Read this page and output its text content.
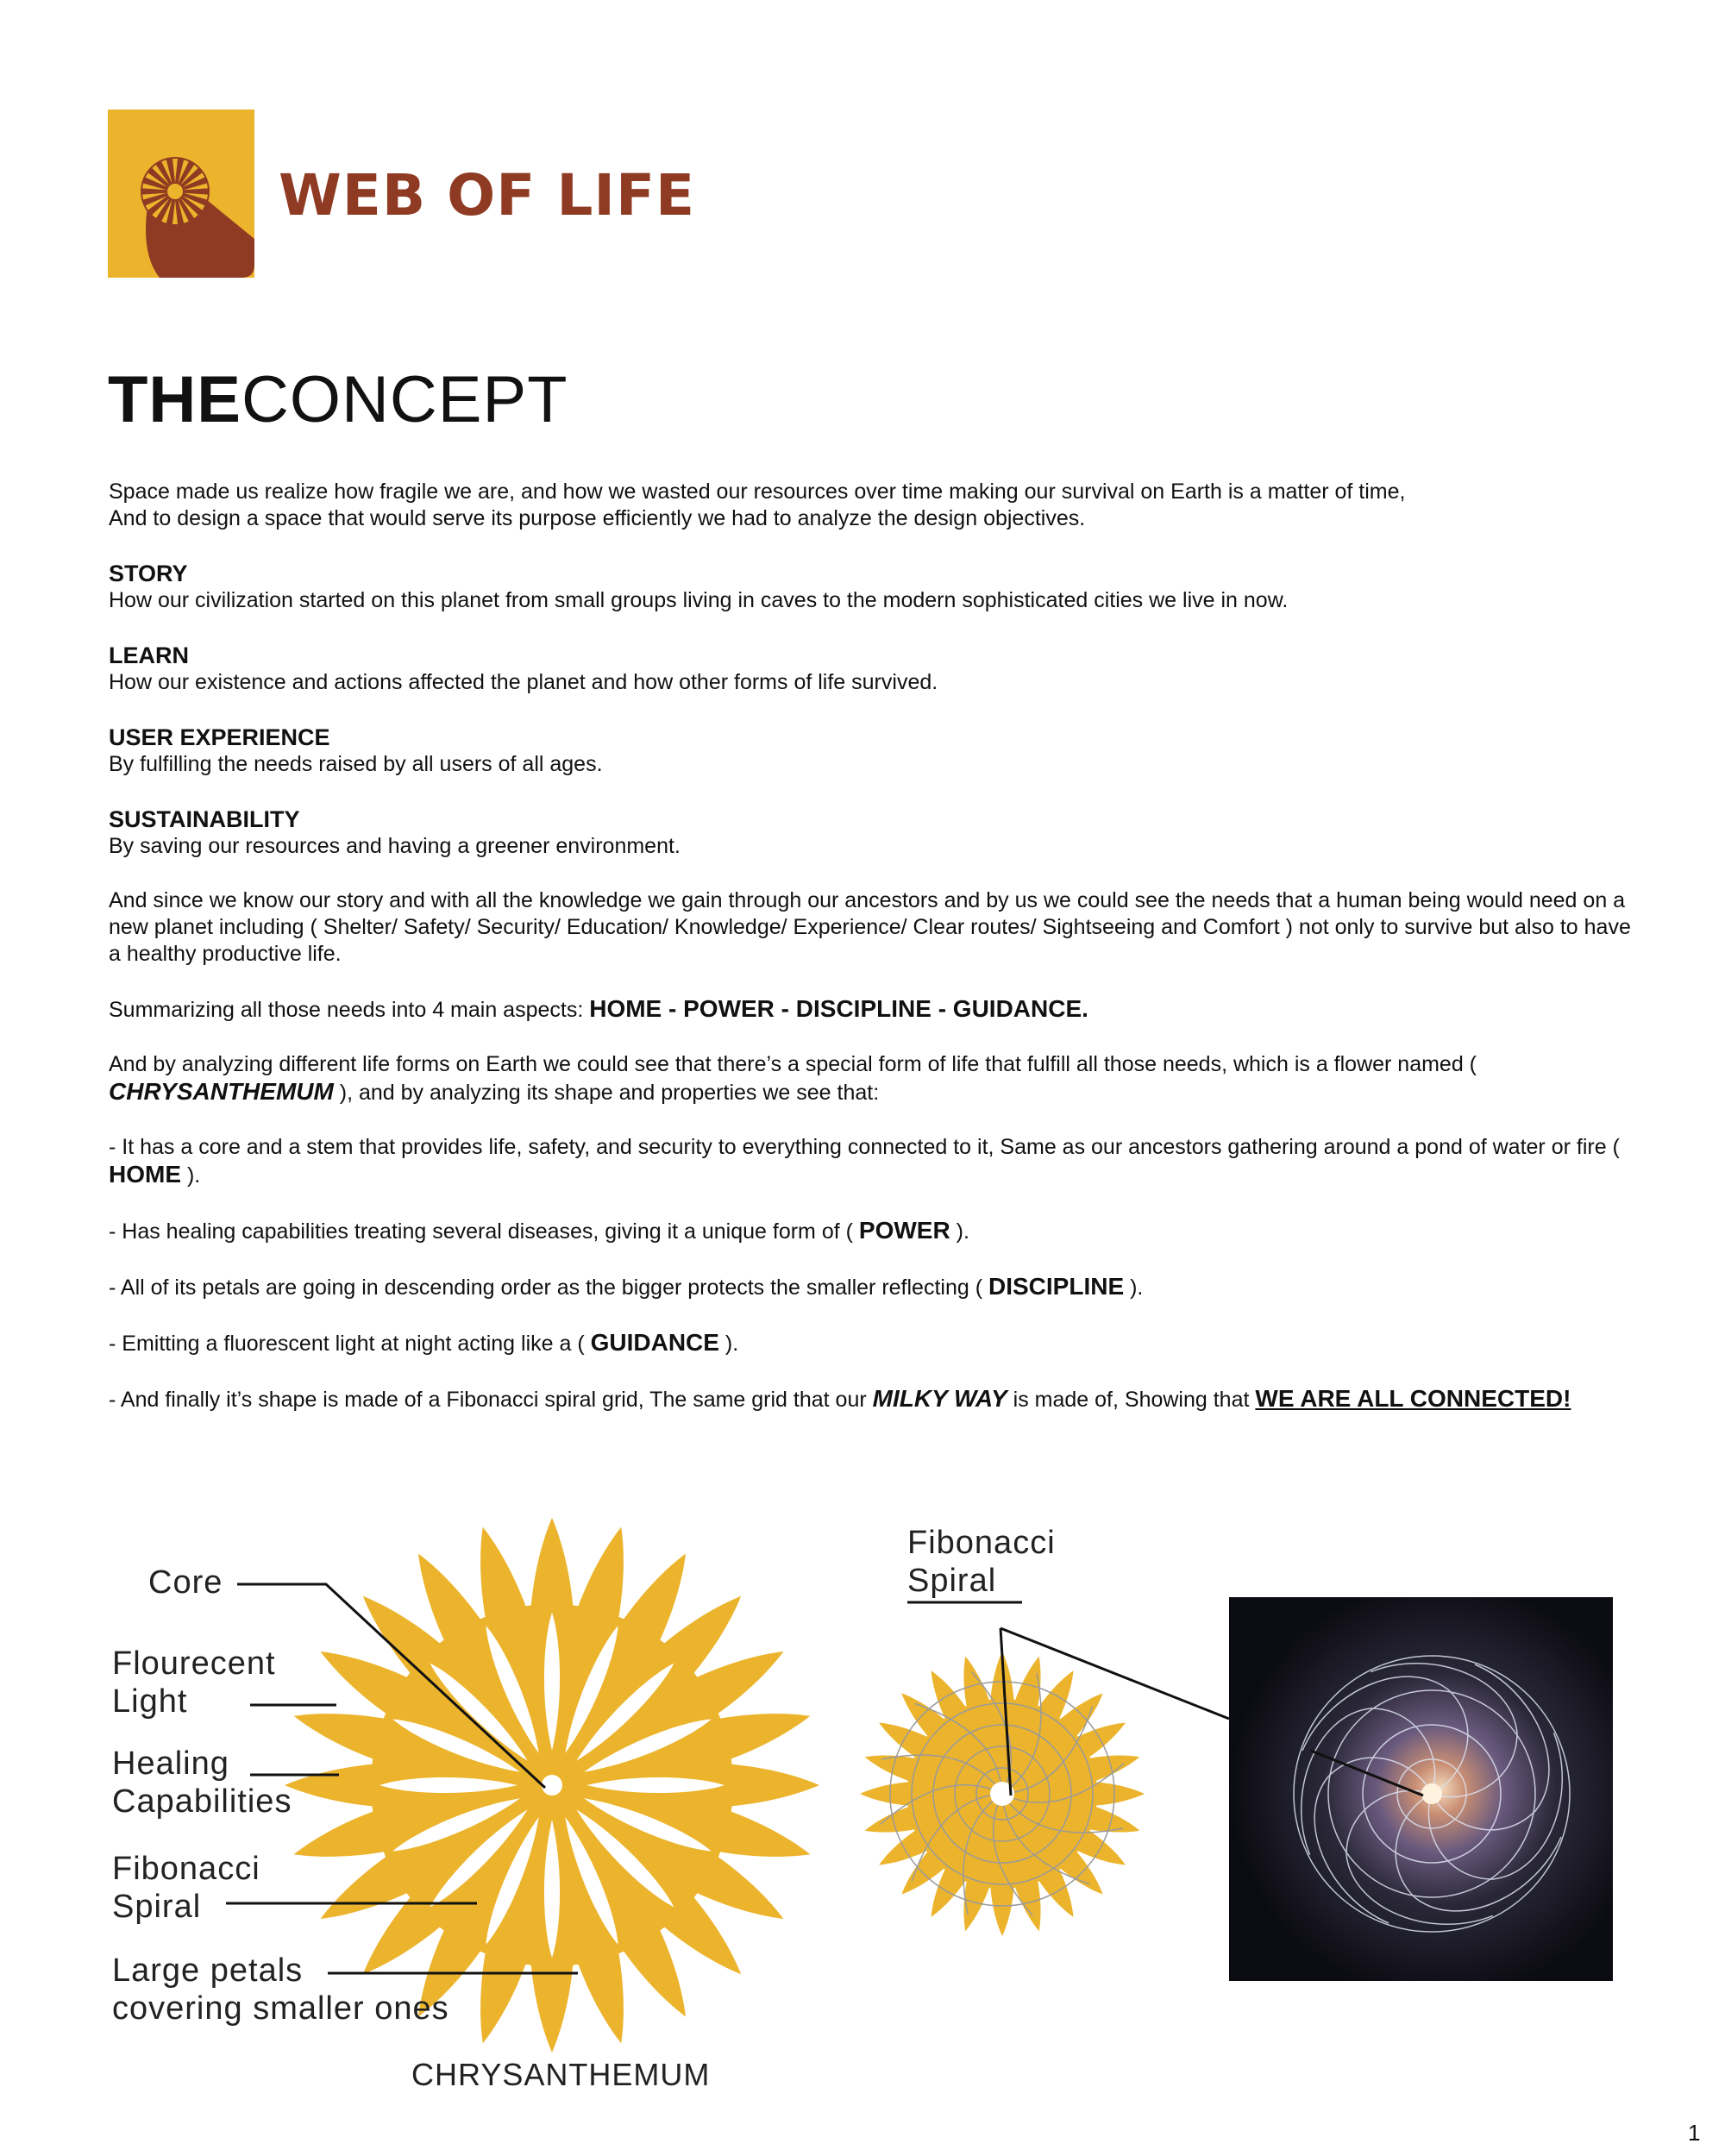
WEB OF LIFE
THECONCEPT

Space made us realize how fragile we are, and how we wasted our resources over time making our survival on Earth is a matter of time,

And to design a space that would serve its purpose efficiently we had to analyze the design objectives.

STORY

How our civilization started on this planet from small groups living in caves to the modern sophisticated cities we live in now.

LEARN

How our existence and actions affected the planet and how other forms of life survived.

USER EXPERIENCE

By fulfilling the needs raised by all users of all ages.

SUSTAINABILITY

By saving our resources and having a greener environment.

And since we know our story and with all the knowledge we gain through our ancestors and by us we could see the needs that a human being would need on a new planet including ( Shelter/ Safety/ Security/ Education/ Knowledge/ Experience/ Clear routes/ Sightseeing and Comfort ) not only to survive but also to have a healthy productive life.

Summarizing all those needs into 4 main aspects: HOME - POWER - DISCIPLINE - GUIDANCE.

And by analyzing different life forms on Earth we could see that there’s a special form of life that fulfill all those needs, which is a flower named ( CHRYSANTHEMUM ), and by analyzing its shape and properties we see that:

- It has a core and a stem that provides life, safety, and security to everything connected to it, Same as our ancestors gathering around a pond of water or fire ( HOME ).

- Has healing capabilities treating several diseases, giving it a unique form of ( POWER ).

- All of its petals are going in descending order as the bigger protects the smaller reflecting ( DISCIPLINE ).

- Emitting a fluorescent light at night acting like a ( GUIDANCE ).

- And finally it’s shape is made of a Fibonacci spiral grid, The same grid that our MILKY WAY is made of, Showing that WE ARE ALL CONNECTED!

Core
Flourecent
Light
Healing
Capabilities
Fibonacci
Spiral
Large petals
covering smaller ones
CHRYSANTHEMUM
Fibonacci
Spiral
1
